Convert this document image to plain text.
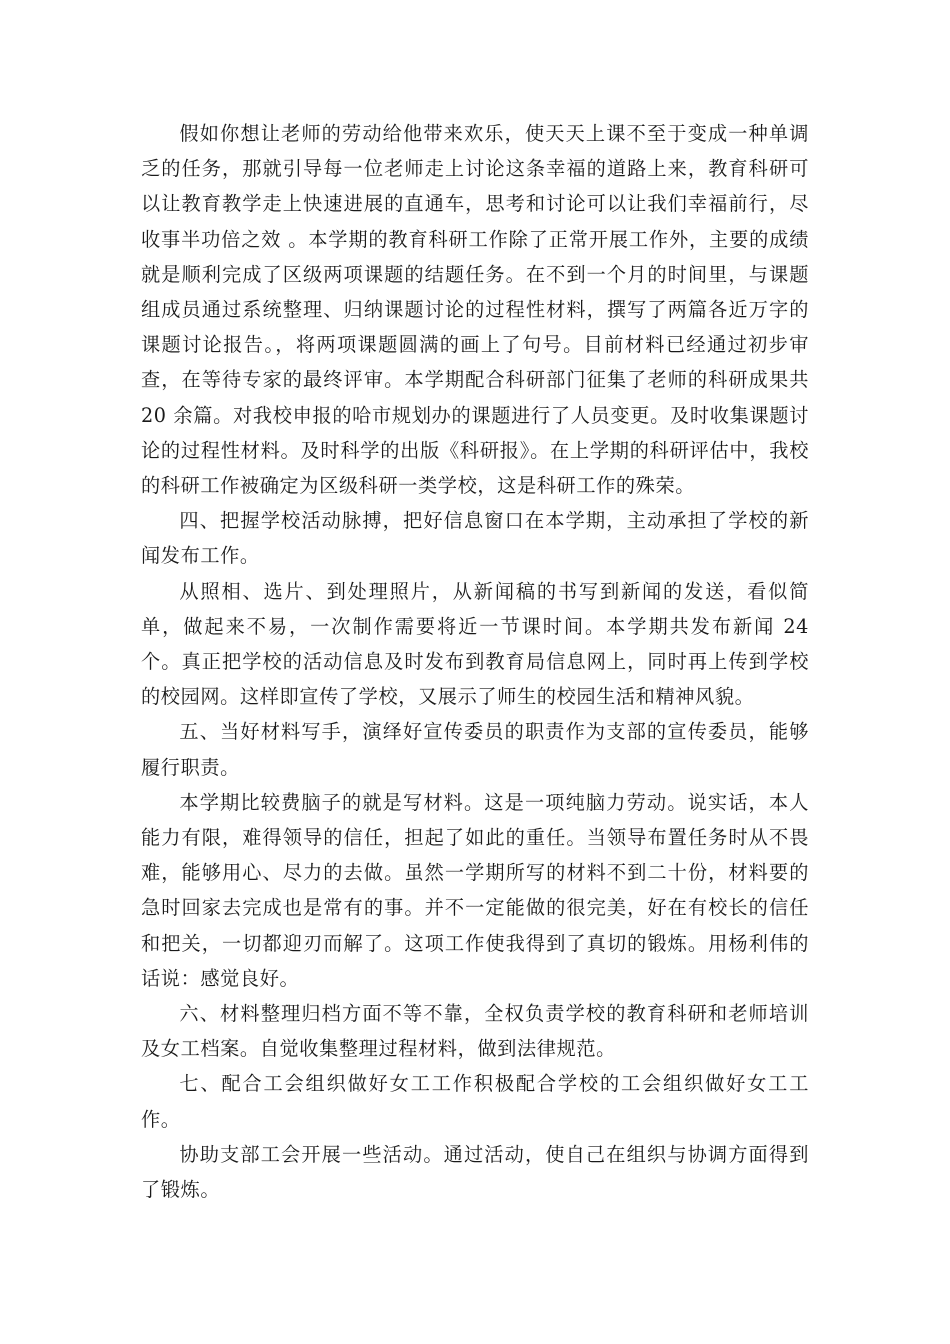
假如你想让老师的劳动给他带来欢乐，使天天上课不至于变成一种单调乏的任务，那就引导每一位老师走上讨论这条幸福的道路上来，教育科研可以让教育教学走上快速进展的直通车，思考和讨论可以让我们幸福前行，尽收事半功倍之效 。本学期的教育科研工作除了正常开展工作外，主要的成绩就是顺利完成了区级两项课题的结题任务。在不到一个月的时间里，与课题组成员通过系统整理、归纳课题讨论的过程性材料，撰写了两篇各近万字的课题讨论报告。，将两项课题圆满的画上了句号。目前材料已经通过初步审查，在等待专家的最终评审。本学期配合科研部门征集了老师的科研成果共 20 余篇。对我校申报的哈市规划办的课题进行了人员变更。及时收集课题讨论的过程性材料。及时科学的出版《科研报》。在上学期的科研评估中，我校的科研工作被确定为区级科研一类学校，这是科研工作的殊荣。

四、把握学校活动脉搏，把好信息窗口在本学期，主动承担了学校的新闻发布工作。

从照相、选片、到处理照片，从新闻稿的书写到新闻的发送，看似简单，做起来不易，一次制作需要将近一节课时间。本学期共发布新闻 24 个。真正把学校的活动信息及时发布到教育局信息网上，同时再上传到学校的校园网。这样即宣传了学校，又展示了师生的校园生活和精神风貌。

五、当好材料写手，演绎好宣传委员的职责作为支部的宣传委员，能够履行职责。

本学期比较费脑子的就是写材料。这是一项纯脑力劳动。说实话，本人能力有限，难得领导的信任，担起了如此的重任。当领导布置任务时从不畏难，能够用心、尽力的去做。虽然一学期所写的材料不到二十份，材料要的急时回家去完成也是常有的事。并不一定能做的很完美，好在有校长的信任和把关，一切都迎刃而解了。这项工作使我得到了真切的锻炼。用杨利伟的话说：感觉良好。

六、材料整理归档方面不等不靠，全权负责学校的教育科研和老师培训及女工档案。自觉收集整理过程材料，做到法律规范。

七、配合工会组织做好女工工作积极配合学校的工会组织做好女工工作。

协助支部工会开展一些活动。通过活动，使自己在组织与协调方面得到了锻炼。
